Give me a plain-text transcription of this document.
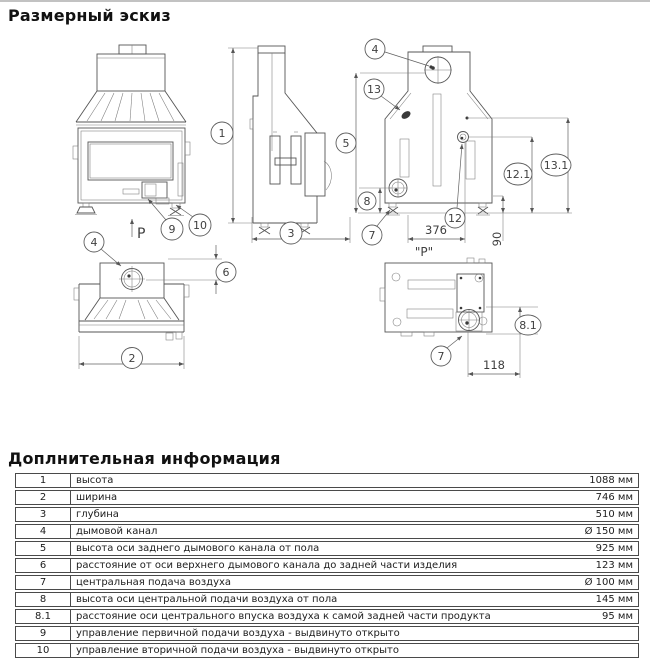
Размерный эскиз
P
"P"
376
90
118
1
2
3
4
4
5
6
7
7
8
8.1
9 10
12
12.1
13
13.1
Доплнительная информация
1	высота	1088 мм
2	ширина	746 мм
3	глубина	510 мм
4	дымовой канал	Ø 150 мм
5	высота оси заднего дымового канала от пола	925 мм
6	расстояние от оси верхнего дымового канала до задней части изделия	123 мм
7	центральная подача воздуха	Ø 100 мм
8	высота оси центральной подачи воздуха от пола	145 мм
8.1	расстояние оси центрального впуска воздуха к самой задней части продукта	95 мм
9	управление первичной подачи воздуха - выдвинуто открыто	
10	управление вторичной подачи воздуха - выдвинуто открыто	
